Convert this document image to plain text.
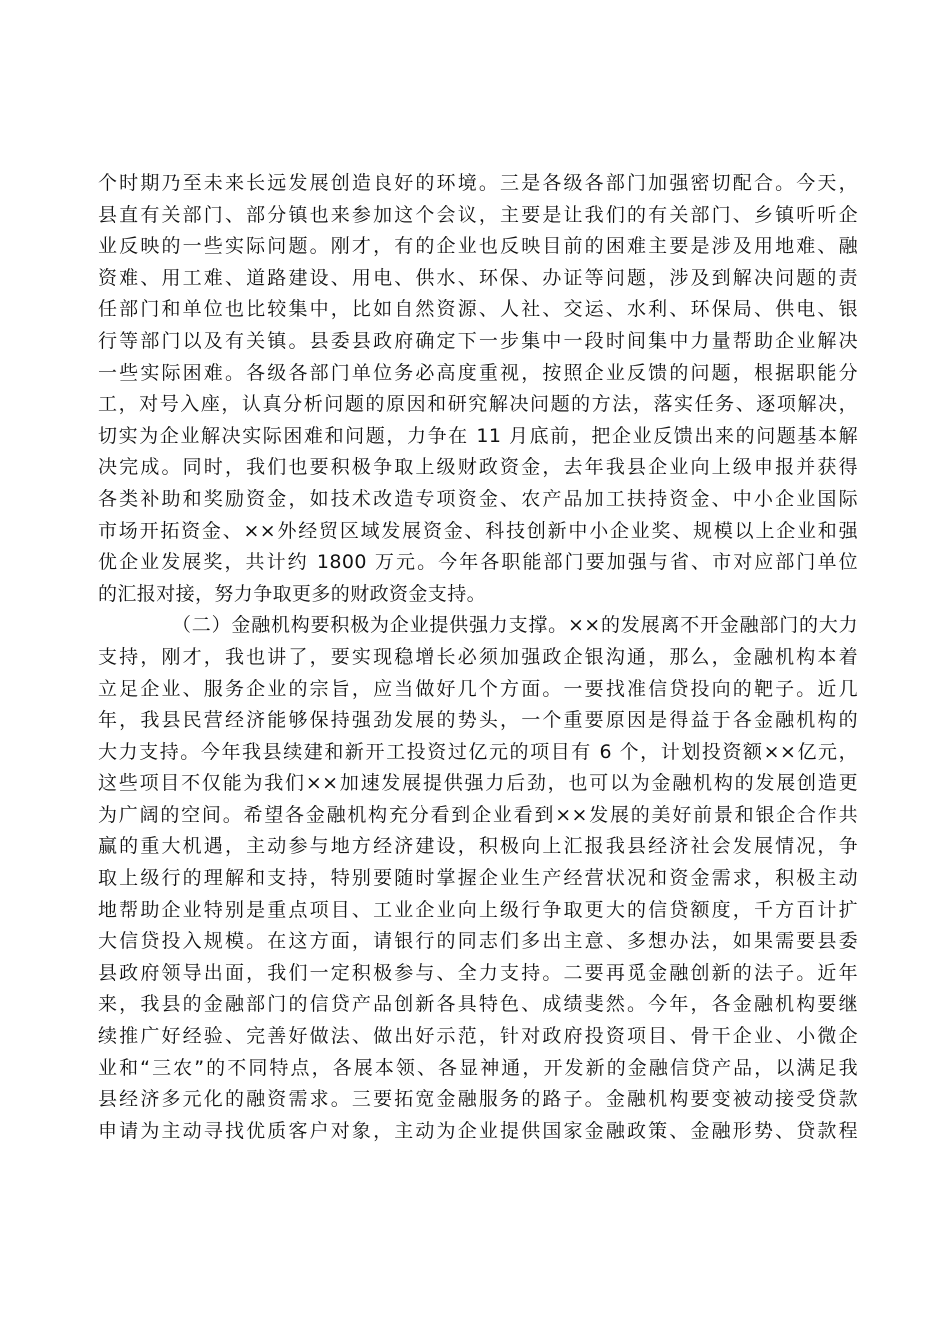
个时期乃至未来长远发展创造良好的环境。三是各级各部门加强密切配合。今天，
县直有关部门、部分镇也来参加这个会议，主要是让我们的有关部门、乡镇听听企
业反映的一些实际问题。刚才，有的企业也反映目前的困难主要是涉及用地难、融
资难、用工难、道路建设、用电、供水、环保、办证等问题，涉及到解决问题的责
任部门和单位也比较集中，比如自然资源、人社、交运、水利、环保局、供电、银
行等部门以及有关镇。县委县政府确定下一步集中一段时间集中力量帮助企业解决
一些实际困难。各级各部门单位务必高度重视，按照企业反馈的问题，根据职能分
工，对号入座，认真分析问题的原因和研究解决问题的方法，落实任务、逐项解决，
切实为企业解决实际困难和问题，力争在 11 月底前，把企业反馈出来的问题基本解
决完成。同时，我们也要积极争取上级财政资金，去年我县企业向上级申报并获得
各类补助和奖励资金，如技术改造专项资金、农产品加工扶持资金、中小企业国际
市场开拓资金、××外经贸区域发展资金、科技创新中小企业奖、规模以上企业和强
优企业发展奖，共计约 1800 万元。今年各职能部门要加强与省、市对应部门单位
的汇报对接，努力争取更多的财政资金支持。
（二）金融机构要积极为企业提供强力支撑。××的发展离不开金融部门的大力
支持，刚才，我也讲了，要实现稳增长必须加强政企银沟通，那么，金融机构本着
立足企业、服务企业的宗旨，应当做好几个方面。一要找准信贷投向的靶子。近几
年，我县民营经济能够保持强劲发展的势头，一个重要原因是得益于各金融机构的
大力支持。今年我县续建和新开工投资过亿元的项目有 6 个，计划投资额××亿元，
这些项目不仅能为我们××加速发展提供强力后劲，也可以为金融机构的发展创造更
为广阔的空间。希望各金融机构充分看到企业看到××发展的美好前景和银企合作共
赢的重大机遇，主动参与地方经济建设，积极向上汇报我县经济社会发展情况，争
取上级行的理解和支持，特别要随时掌握企业生产经营状况和资金需求，积极主动
地帮助企业特别是重点项目、工业企业向上级行争取更大的信贷额度，千方百计扩
大信贷投入规模。在这方面，请银行的同志们多出主意、多想办法，如果需要县委
县政府领导出面，我们一定积极参与、全力支持。二要再觅金融创新的法子。近年
来，我县的金融部门的信贷产品创新各具特色、成绩斐然。今年，各金融机构要继
续推广好经验、完善好做法、做出好示范，针对政府投资项目、骨干企业、小微企
业和“三农”的不同特点，各展本领、各显神通，开发新的金融信贷产品，以满足我
县经济多元化的融资需求。三要拓宽金融服务的路子。金融机构要变被动接受贷款
申请为主动寻找优质客户对象，主动为企业提供国家金融政策、金融形势、贷款程
